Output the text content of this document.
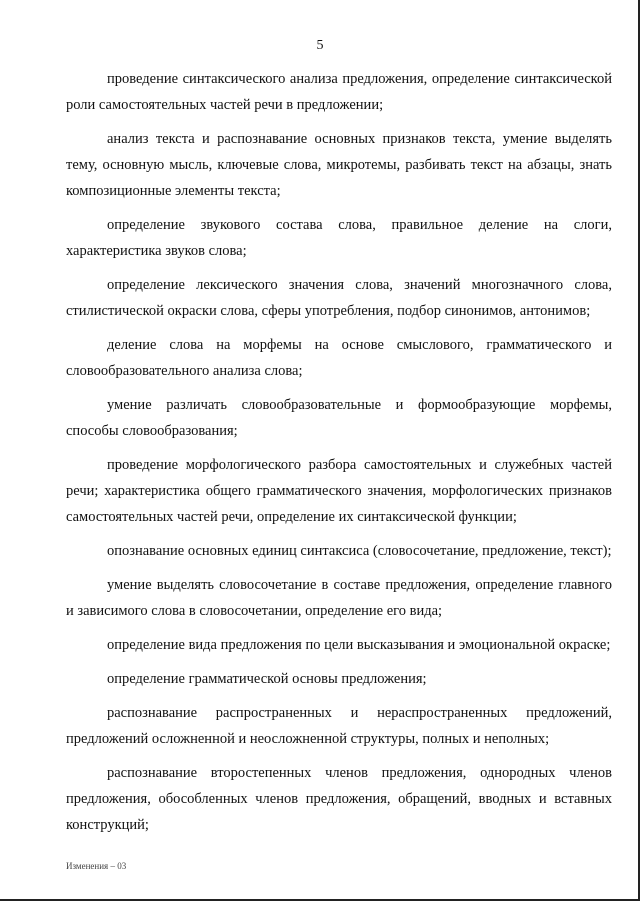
5

проведение синтаксического анализа предложения, определение синтаксической роли самостоятельных частей речи в предложении;

анализ текста и распознавание основных признаков текста, умение выделять тему, основную мысль, ключевые слова, микротемы, разбивать текст на абзацы, знать композиционные элементы текста;

определение звукового состава слова, правильное деление на слоги, характеристика звуков слова;

определение лексического значения слова, значений многозначного слова, стилистической окраски слова, сферы употребления, подбор синонимов, антонимов;

деление слова на морфемы на основе смыслового, грамматического и словообразовательного анализа слова;

умение различать словообразовательные и формообразующие морфемы, способы словообразования;

проведение морфологического разбора самостоятельных и служебных частей речи; характеристика общего грамматического значения, морфологических признаков самостоятельных частей речи, определение их синтаксической функции;

опознавание основных единиц синтаксиса (словосочетание, предложение, текст);

умение выделять словосочетание в составе предложения, определение главного и зависимого слова в словосочетании, определение его вида;

определение вида предложения по цели высказывания и эмоциональной окраске;

определение грамматической основы предложения;

распознавание распространенных и нераспространенных предложений, предложений осложненной и неосложненной структуры, полных и неполных;

распознавание второстепенных членов предложения, однородных членов предложения, обособленных членов предложения, обращений, вводных и вставных конструкций;

Изменения – 03
